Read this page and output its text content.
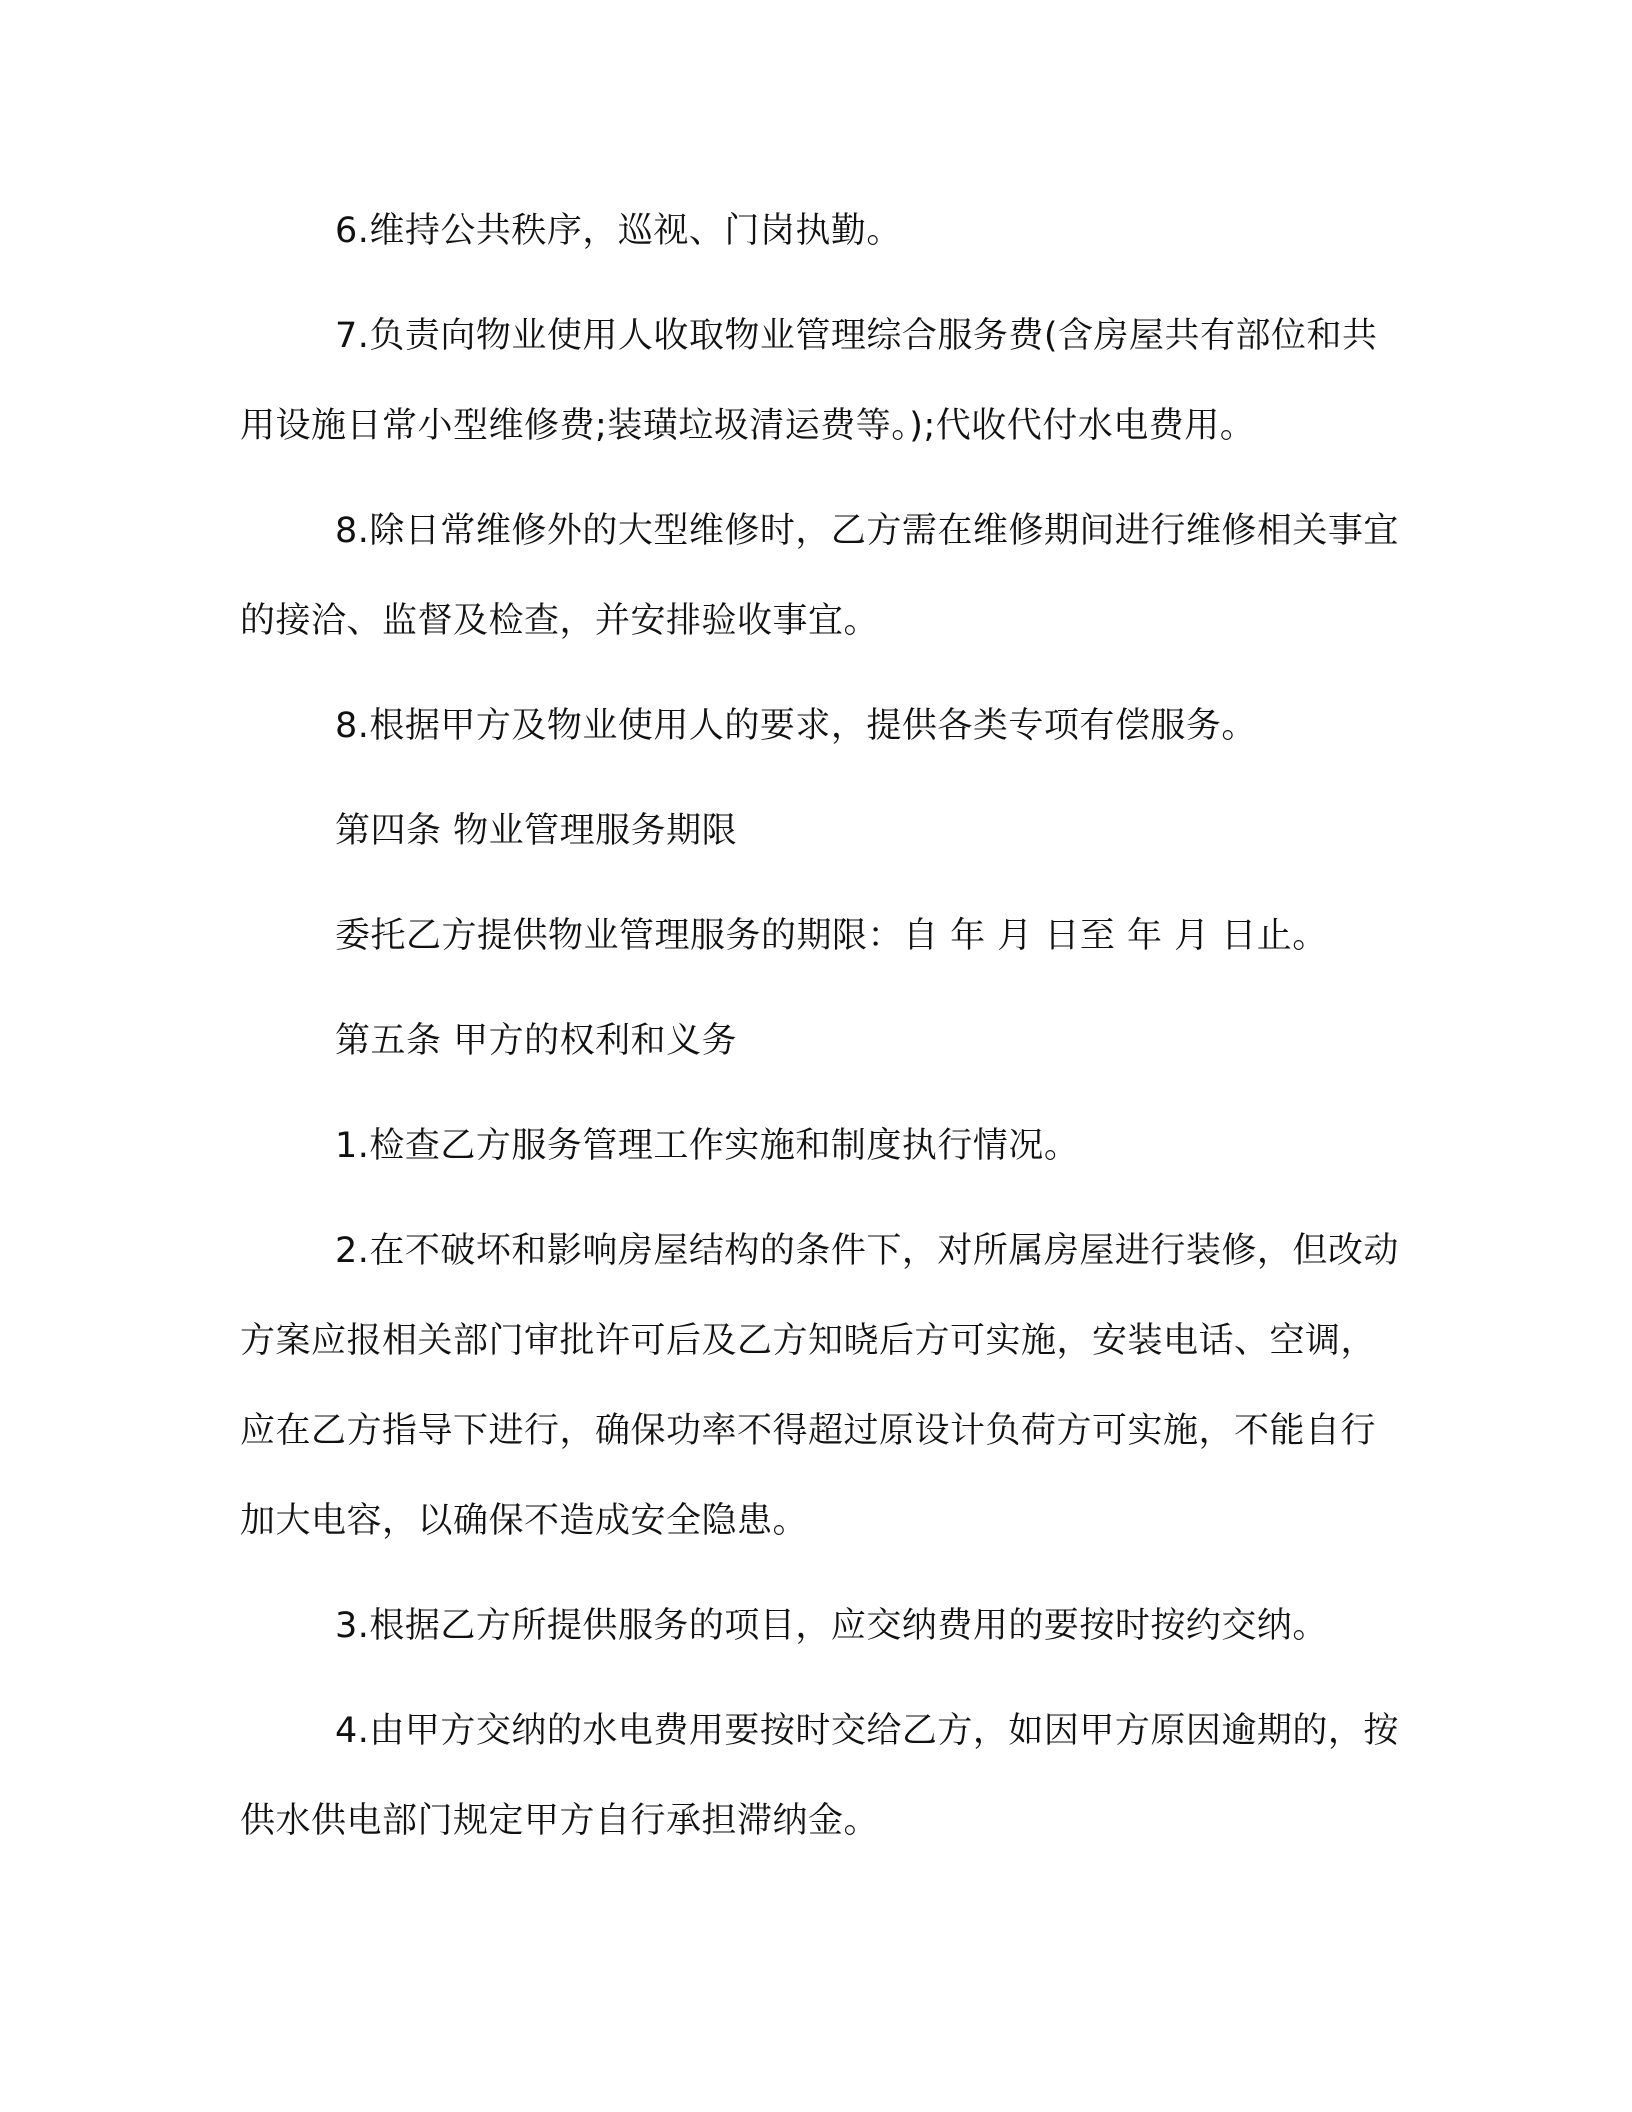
6.维持公共秩序，巡视、门岗执勤。

7.负责向物业使用人收取物业管理综合服务费(含房屋共有部位和共用设施日常小型维修费;装璜垃圾清运费等。);代收代付水电费用。

8.除日常维修外的大型维修时，乙方需在维修期间进行维修相关事宜的接洽、监督及检查，并安排验收事宜。

8.根据甲方及物业使用人的要求，提供各类专项有偿服务。

第四条 物业管理服务期限

委托乙方提供物业管理服务的期限：自 年 月 日至 年 月 日止。

第五条 甲方的权利和义务

1.检查乙方服务管理工作实施和制度执行情况。

2.在不破坏和影响房屋结构的条件下，对所属房屋进行装修，但改动方案应报相关部门审批许可后及乙方知晓后方可实施，安装电话、空调，应在乙方指导下进行，确保功率不得超过原设计负荷方可实施，不能自行加大电容，以确保不造成安全隐患。

3.根据乙方所提供服务的项目，应交纳费用的要按时按约交纳。

4.由甲方交纳的水电费用要按时交给乙方，如因甲方原因逾期的，按供水供电部门规定甲方自行承担滞纳金。
